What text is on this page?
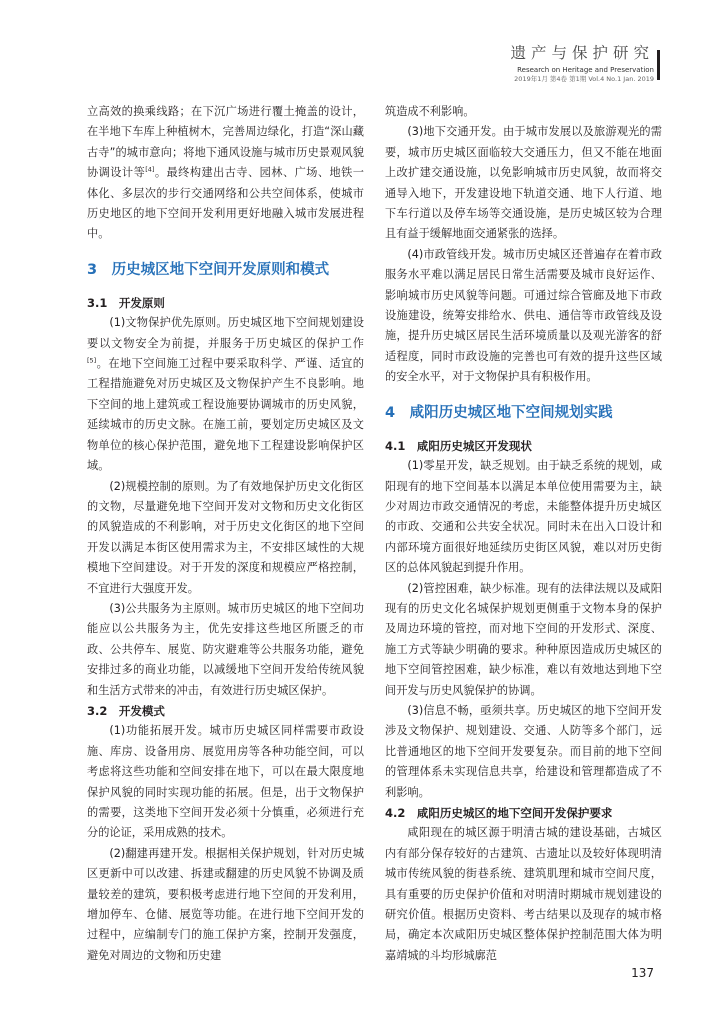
遗产与保护研究
Research on Heritage and Preservation
2019年1月 第4卷 第1期 Vol.4 No.1 Jan. 2019

立高效的换乘线路；在下沉广场进行覆土掩盖的设计，在半地下车库上种植树木，完善周边绿化，打造“深山藏古寺”的城市意向；将地下通风设施与城市历史景观风貌协调设计等[4]。最终构建出古寺、园林、广场、地铁一体化、多层次的步行交通网络和公共空间体系，使城市历史地区的地下空间开发利用更好地融入城市发展进程中。

3　历史城区地下空间开发原则和模式
3.1　开发原则

(1)文物保护优先原则。历史城区地下空间规划建设要以文物安全为前提，并服务于历史城区的保护工作[5]。在地下空间施工过程中要采取科学、严谨、适宜的工程措施避免对历史城区及文物保护产生不良影响。地下空间的地上建筑或工程设施要协调城市的历史风貌，延续城市的历史文脉。在施工前，要划定历史城区及文物单位的核心保护范围，避免地下工程建设影响保护区域。

(2)规模控制的原则。为了有效地保护历史文化街区的文物，尽量避免地下空间开发对文物和历史文化街区的风貌造成的不利影响，对于历史文化街区的地下空间开发以满足本街区使用需求为主，不安排区域性的大规模地下空间建设。对于开发的深度和规模应严格控制，不宜进行大强度开发。

(3)公共服务为主原则。城市历史城区的地下空间功能应以公共服务为主，优先安排这些地区所匮乏的市政、公共停车、展览、防灾避难等公共服务功能，避免安排过多的商业功能，以减缓地下空间开发给传统风貌和生活方式带来的冲击，有效进行历史城区保护。

3.2　开发模式

(1)功能拓展开发。城市历史城区同样需要市政设施、库房、设备用房、展览用房等各种功能空间，可以考虑将这些功能和空间安排在地下，可以在最大限度地保护风貌的同时实现功能的拓展。但是，出于文物保护的需要，这类地下空间开发必须十分慎重，必须进行充分的论证，采用成熟的技术。

(2)翻建再建开发。根据相关保护规划，针对历史城区更新中可以改建、拆建或翻建的历史风貌不协调及质量较差的建筑，要积极考虑进行地下空间的开发利用，增加停车、仓储、展览等功能。在进行地下空间开发的过程中，应编制专门的施工保护方案，控制开发强度，避免对周边的文物和历史建

筑造成不利影响。

(3)地下交通开发。由于城市发展以及旅游观光的需要，城市历史城区面临较大交通压力，但又不能在地面上改扩建交通设施，以免影响城市历史风貌，故而将交通导入地下，开发建设地下轨道交通、地下人行道、地下车行道以及停车场等交通设施，是历史城区较为合理且有益于缓解地面交通紧张的选择。

(4)市政管线开发。城市历史城区还普遍存在着市政服务水平难以满足居民日常生活需要及城市良好运作、影响城市历史风貌等问题。可通过综合管廊及地下市政设施建设，统筹安排给水、供电、通信等市政管线及设施，提升历史城区居民生活环境质量以及观光游客的舒适程度，同时市政设施的完善也可有效的提升这些区域的安全水平，对于文物保护具有积极作用。

4　咸阳历史城区地下空间规划实践
4.1　咸阳历史城区开发现状

(1)零星开发，缺乏规划。由于缺乏系统的规划，咸阳现有的地下空间基本以满足本单位使用需要为主，缺少对周边市政交通情况的考虑，未能整体提升历史城区的市政、交通和公共安全状况。同时未在出入口设计和内部环境方面很好地延续历史街区风貌，难以对历史街区的总体风貌起到提升作用。

(2)管控困难，缺少标准。现有的法律法规以及咸阳现有的历史文化名城保护规划更侧重于文物本身的保护及周边环境的管控，而对地下空间的开发形式、深度、施工方式等缺少明确的要求。种种原因造成历史城区的地下空间管控困难，缺少标准，难以有效地达到地下空间开发与历史风貌保护的协调。

(3)信息不畅，亟须共享。历史城区的地下空间开发涉及文物保护、规划建设、交通、人防等多个部门，远比普通地区的地下空间开发要复杂。而目前的地下空间的管理体系未实现信息共享，给建设和管理都造成了不利影响。

4.2　咸阳历史城区的地下空间开发保护要求

咸阳现在的城区源于明清古城的建设基础，古城区内有部分保存较好的古建筑、古遗址以及较好体现明清城市传统风貌的街巷系统、建筑肌理和城市空间尺度，具有重要的历史保护价值和对明清时期城市规划建设的研究价值。根据历史资料、考古结果以及现存的城市格局，确定本次咸阳历史城区整体保护控制范围大体为明嘉靖城的斗均形城廓范

137
